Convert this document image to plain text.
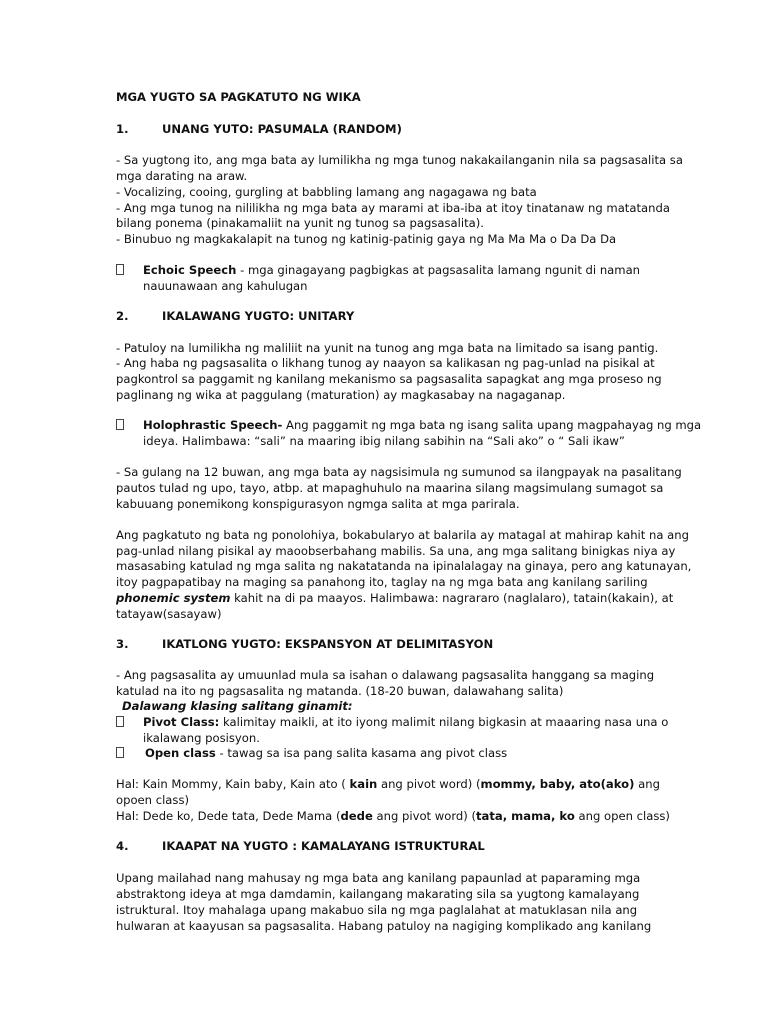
MGA YUGTO SA PAGKATUTO NG WIKA
1.	UNANG YUTO: PASUMALA (RANDOM)
- Sa yugtong ito, ang mga bata ay lumilikha ng mga tunog nakakailanganin nila sa pagsasalita sa
mga darating na araw.
- Vocalizing, cooing, gurgling at babbling lamang ang nagagawa ng bata
- Ang mga tunog na nililikha ng mga bata ay marami at iba-iba at itoy tinatanaw ng matatanda
bilang ponema (pinakamaliit na yunit ng tunog sa pagsasalita).
- Binubuo ng magkakalapit na tunog ng katinig-patinig gaya ng Ma Ma Ma o Da Da Da
Echoic Speech - mga ginagayang pagbigkas at pagsasalita lamang ngunit di naman
nauunawaan ang kahulugan
2.	IKALAWANG YUGTO: UNITARY
- Patuloy na lumilikha ng maliliit na yunit na tunog ang mga bata na limitado sa isang pantig.
- Ang haba ng pagsasalita o likhang tunog ay naayon sa kalikasan ng pag-unlad na pisikal at
pagkontrol sa paggamit ng kanilang mekanismo sa pagsasalita sapagkat ang mga proseso ng
paglinang ng wika at paggulang (maturation) ay magkasabay na nagaganap.
Holophrastic Speech- Ang paggamit ng mga bata ng isang salita upang magpahayag ng mga
ideya. Halimbawa: “sali” na maaring ibig nilang sabihin na “Sali ako” o “ Sali ikaw”
- Sa gulang na 12 buwan, ang mga bata ay nagsisimula ng sumunod sa ilangpayak na pasalitang
pautos tulad ng upo, tayo, atbp. at mapaghuhulo na maarina silang magsimulang sumagot sa
kabuuang ponemikong konspigurasyon ngmga salita at mga parirala.
Ang pagkatuto ng bata ng ponolohiya, bokabularyo at balarila ay matagal at mahirap kahit na ang
pag-unlad nilang pisikal ay maoobserbahang mabilis. Sa una, ang mga salitang binigkas niya ay
masasabing katulad ng mga salita ng nakatatanda na ipinalalagay na ginaya, pero ang katunayan,
itoy pagpapatibay na maging sa panahong ito, taglay na ng mga bata ang kanilang sariling
phonemic system kahit na di pa maayos. Halimbawa: nagrararo (naglalaro), tatain(kakain), at
tatayaw(sasayaw)
3.	IKATLONG YUGTO: EKSPANSYON AT DELIMITASYON
- Ang pagsasalita ay umuunlad mula sa isahan o dalawang pagsasalita hanggang sa maging
katulad na ito ng pagsasalita ng matanda. (18-20 buwan, dalawahang salita)
Dalawang klasing salitang ginamit:
Pivot Class: kalimitay maikli, at ito iyong malimit nilang bigkasin at maaaring nasa una o
ikalawang posisyon.
Open class - tawag sa isa pang salita kasama ang pivot class
Hal: Kain Mommy, Kain baby, Kain ato ( kain ang pivot word) (mommy, baby, ato(ako) ang
opoen class)
Hal: Dede ko, Dede tata, Dede Mama (dede ang pivot word) (tata, mama, ko ang open class)
4.	IKAAPAT NA YUGTO : KAMALAYANG ISTRUKTURAL
Upang mailahad nang mahusay ng mga bata ang kanilang papaunlad at paparaming mga
abstraktong ideya at mga damdamin, kailangang makarating sila sa yugtong kamalayang
istruktural. Itoy mahalaga upang makabuo sila ng mga paglalahat at matuklasan nila ang
hulwaran at kaayusan sa pagsasalita. Habang patuloy na nagiging komplikado ang kanilang
